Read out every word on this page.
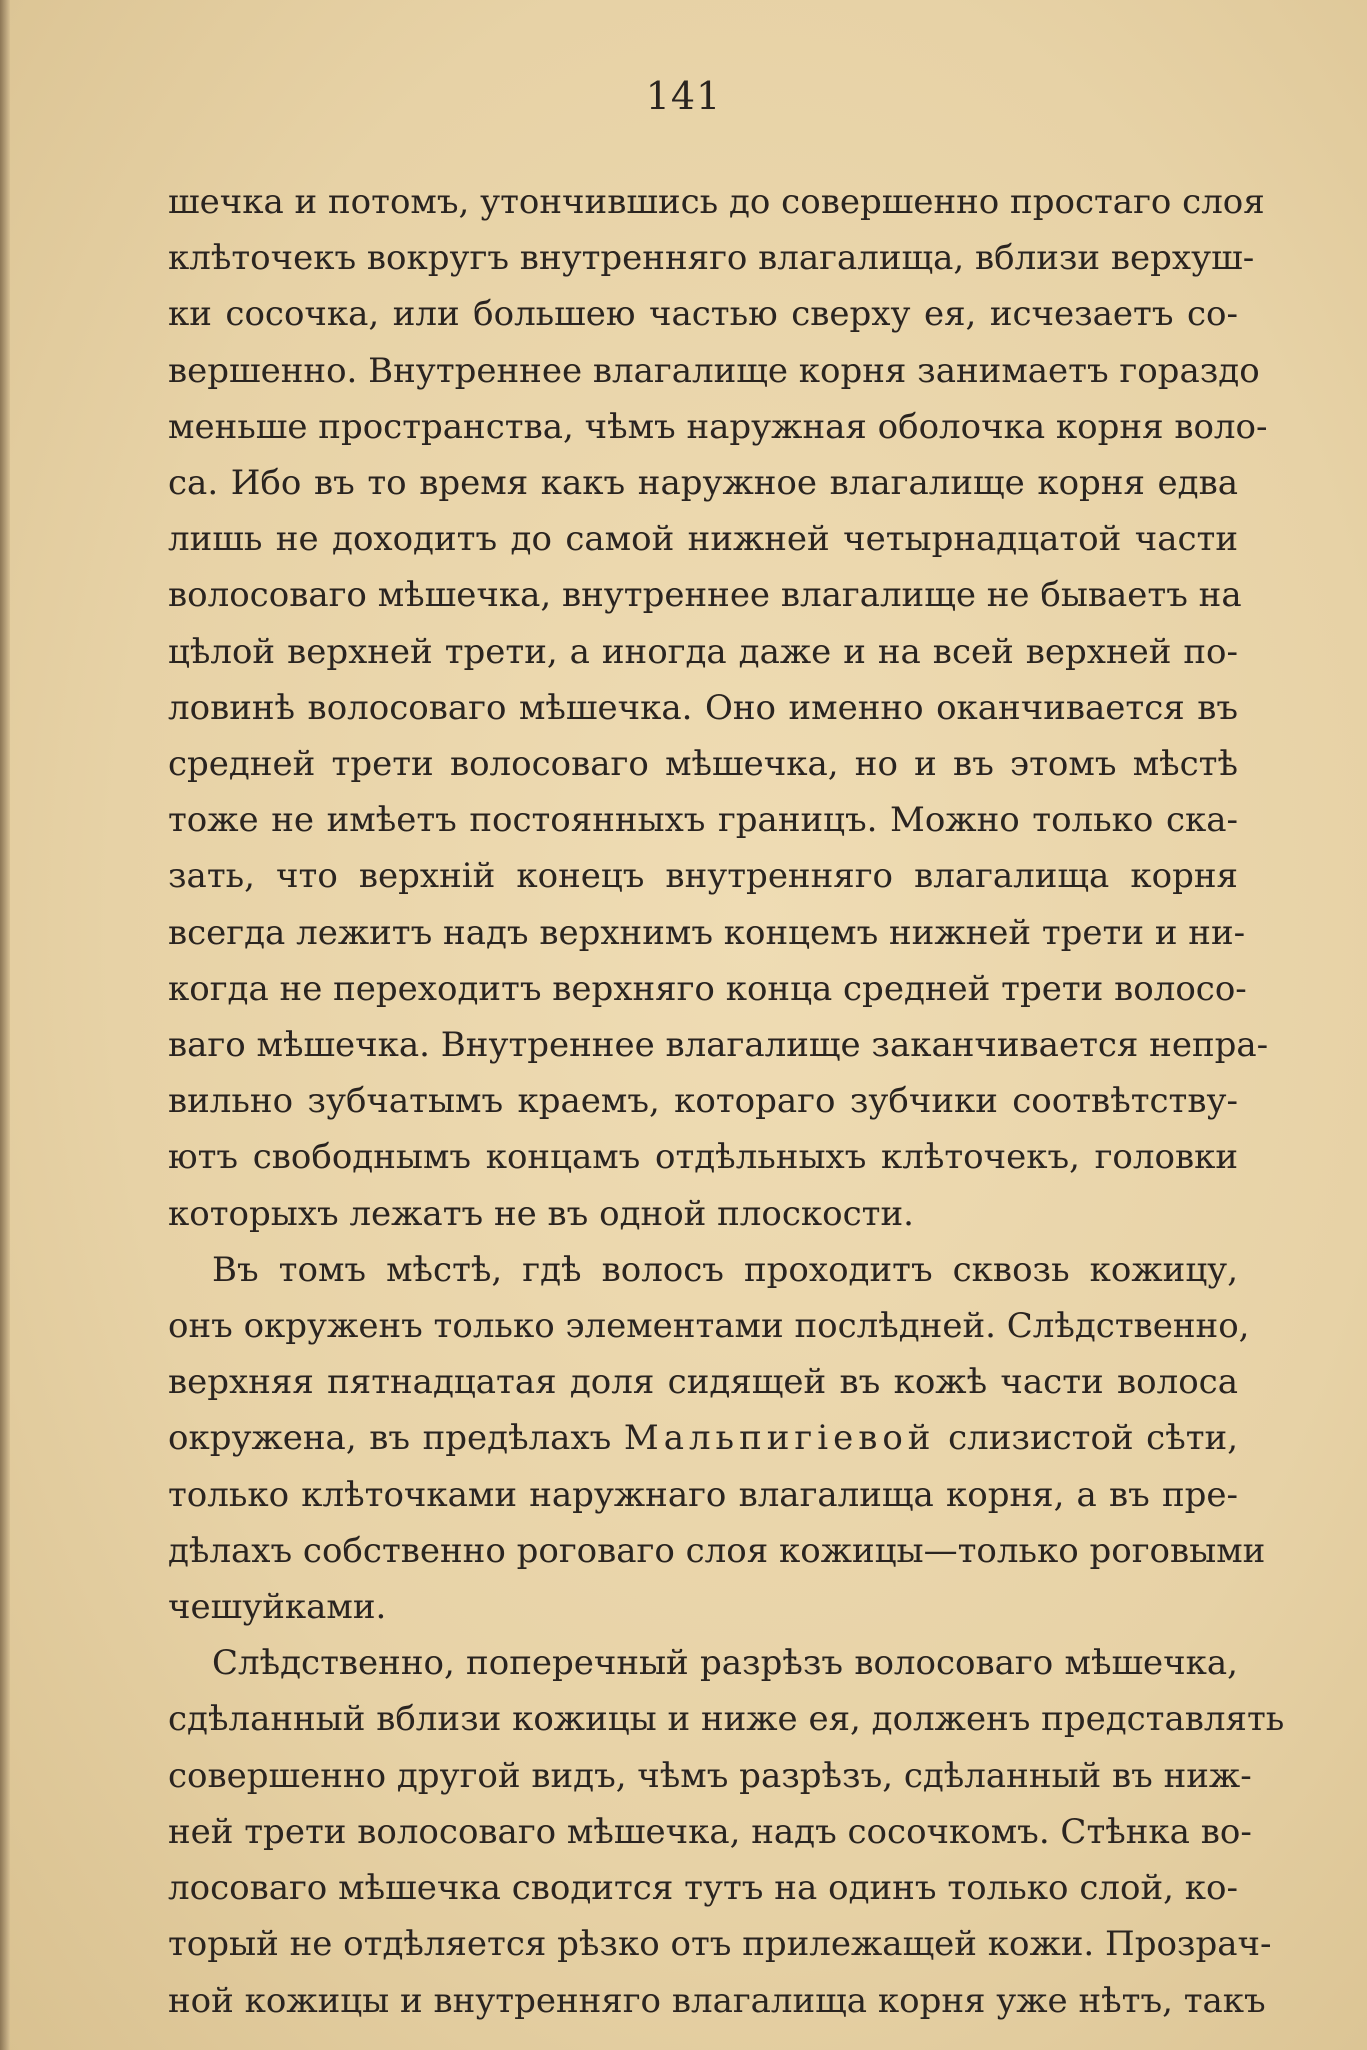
141
шечка и потомъ, утончившись до совершенно простаго слоя
клѣточекъ вокругъ внутренняго влагалища, вблизи верхуш-
ки сосочка, или большею частью сверху ея, исчезаетъ со-
вершенно. Внутреннее влагалище корня занимаетъ гораздо
меньше пространства, чѣмъ наружная оболочка корня воло-
са. Ибо въ то время какъ наружное влагалище корня едва
лишь не доходитъ до самой нижней четырнадцатой части
волосоваго мѣшечка, внутреннее влагалище не бываетъ на
цѣлой верхней трети, а иногда даже и на всей верхней по-
ловинѣ волосоваго мѣшечка. Оно именно оканчивается въ
средней трети волосоваго мѣшечка, но и въ этомъ мѣстѣ
тоже не имѣетъ постоянныхъ границъ. Можно только ска-
зать, что верхній конецъ внутренняго влагалища корня
всегда лежитъ надъ верхнимъ концемъ нижней трети и ни-
когда не переходитъ верхняго конца средней трети волосо-
ваго мѣшечка. Внутреннее влагалище заканчивается непра-
вильно зубчатымъ краемъ, котораго зубчики соотвѣтству-
ютъ свободнымъ концамъ отдѣльныхъ клѣточекъ, головки
которыхъ лежатъ не въ одной плоскости.
Въ томъ мѣстѣ, гдѣ волосъ проходитъ сквозь кожицу,
онъ окруженъ только элементами послѣдней. Слѣдственно,
верхняя пятнадцатая доля сидящей въ кожѣ части волоса
окружена, въ предѣлахъ Мальпигіевой слизистой сѣти,
только клѣточками наружнаго влагалища корня, а въ пре-
дѣлахъ собственно роговаго слоя кожицы—только роговыми
чешуйками.
Слѣдственно, поперечный разрѣзъ волосоваго мѣшечка,
сдѣланный вблизи кожицы и ниже ея, долженъ представлять
совершенно другой видъ, чѣмъ разрѣзъ, сдѣланный въ ниж-
ней трети волосоваго мѣшечка, надъ сосочкомъ. Стѣнка во-
лосоваго мѣшечка сводится тутъ на одинъ только слой, ко-
торый не отдѣляется рѣзко отъ прилежащей кожи. Прозрач-
ной кожицы и внутренняго влагалища корня уже нѣтъ, такъ
